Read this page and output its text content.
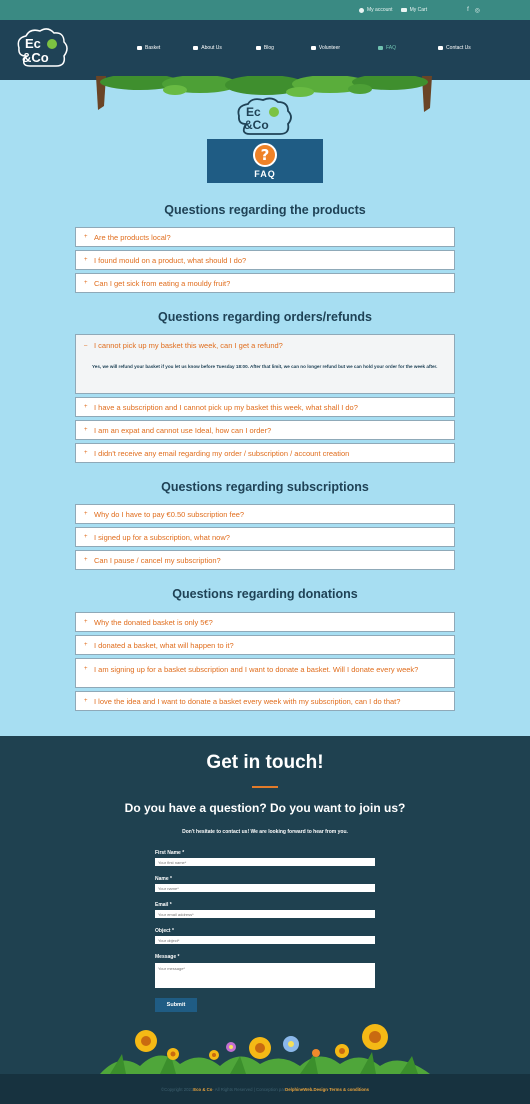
My account	My Cart	f ◎
Ec
&Co
Basket	About Us	Blog	Volunteer	FAQ	Contact Us
Ec
&Co
?
FAQ
Questions regarding the products
+ Are the products local?
+ I found mould on a product, what should I do?
+ Can I get sick from eating a mouldy fruit?
Questions regarding orders/refunds
– I cannot pick up my basket this week, can I get a refund?
Yes, we will refund your basket if you let us know before Tuesday 18:00. After that limit, we can no longer refund but we can hold your order for the week after.
+ I have a subscription and I cannot pick up my basket this week, what shall I do?
+ I am an expat and cannot use Ideal, how can I order?
+ I didn't receive any email regarding my order / subscription / account creation
Questions regarding subscriptions
+ Why do I have to pay €0.50 subscription fee?
+ I signed up for a subscription, what now?
+ Can I pause / cancel my subscription?
Questions regarding donations
+ Why the donated basket is only 5€?
+ I donated a basket, what will happen to it?
+ I am signing up for a basket subscription and I want to donate a basket. Will I donate every week?
+ I love the idea and I want to donate a basket every week with my subscription, can I do that?
Get in touch!
Do you have a question? Do you want to join us?
Don't hesitate to contact us! We are looking forward to hear from you.
First Name *
Your first name*
Name *
Your name*
Email *
Your email address*
Object *
Your object*
Message *
Your message*
Submit
©Copyright 2021 Eco & Co - All Rights Reserved | Conception par DelphineWeb.Design - Terms & conditions
